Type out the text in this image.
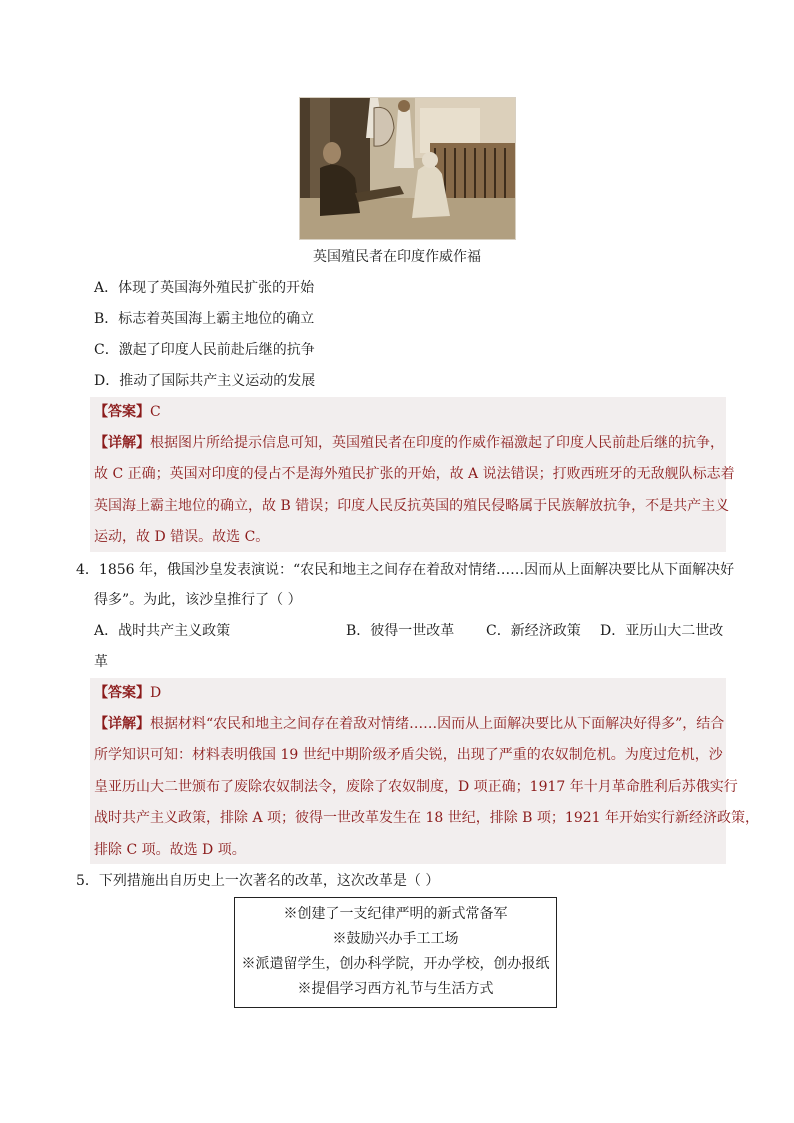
英国殖民者在印度作威作福
A．体现了英国海外殖民扩张的开始
B．标志着英国海上霸主地位的确立
C．激起了印度人民前赴后继的抗争
D．推动了国际共产主义运动的发展
【答案】C
【详解】根据图片所给提示信息可知，英国殖民者在印度的作威作福激起了印度人民前赴后继的抗争，
故 C 正确；英国对印度的侵占不是海外殖民扩张的开始，故 A 说法错误；打败西班牙的无敌舰队标志着
英国海上霸主地位的确立，故 B 错误；印度人民反抗英国的殖民侵略属于民族解放抗争，不是共产主义
运动，故 D 错误。故选 C。
4．1856 年，俄国沙皇发表演说：“农民和地主之间存在着敌对情绪……因而从上面解决要比从下面解决好
得多”。为此，该沙皇推行了（ ）
A．战时共产主义政策	B．彼得一世改革 C．新经济政策 D．亚历山大二世改
革
【答案】D
【详解】根据材料“农民和地主之间存在着敌对情绪……因而从上面解决要比从下面解决好得多”，结合
所学知识可知：材料表明俄国 19 世纪中期阶级矛盾尖锐，出现了严重的农奴制危机。为度过危机，沙
皇亚历山大二世颁布了废除农奴制法令，废除了农奴制度，D 项正确；1917 年十月革命胜利后苏俄实行
战时共产主义政策，排除 A 项；彼得一世改革发生在 18 世纪，排除 B 项；1921 年开始实行新经济政策，
排除 C 项。故选 D 项。
5．下列措施出自历史上一次著名的改革，这次改革是（ ）
※创建了一支纪律严明的新式常备军
※鼓励兴办手工工场
※派遣留学生，创办科学院，开办学校，创办报纸
※提倡学习西方礼节与生活方式
